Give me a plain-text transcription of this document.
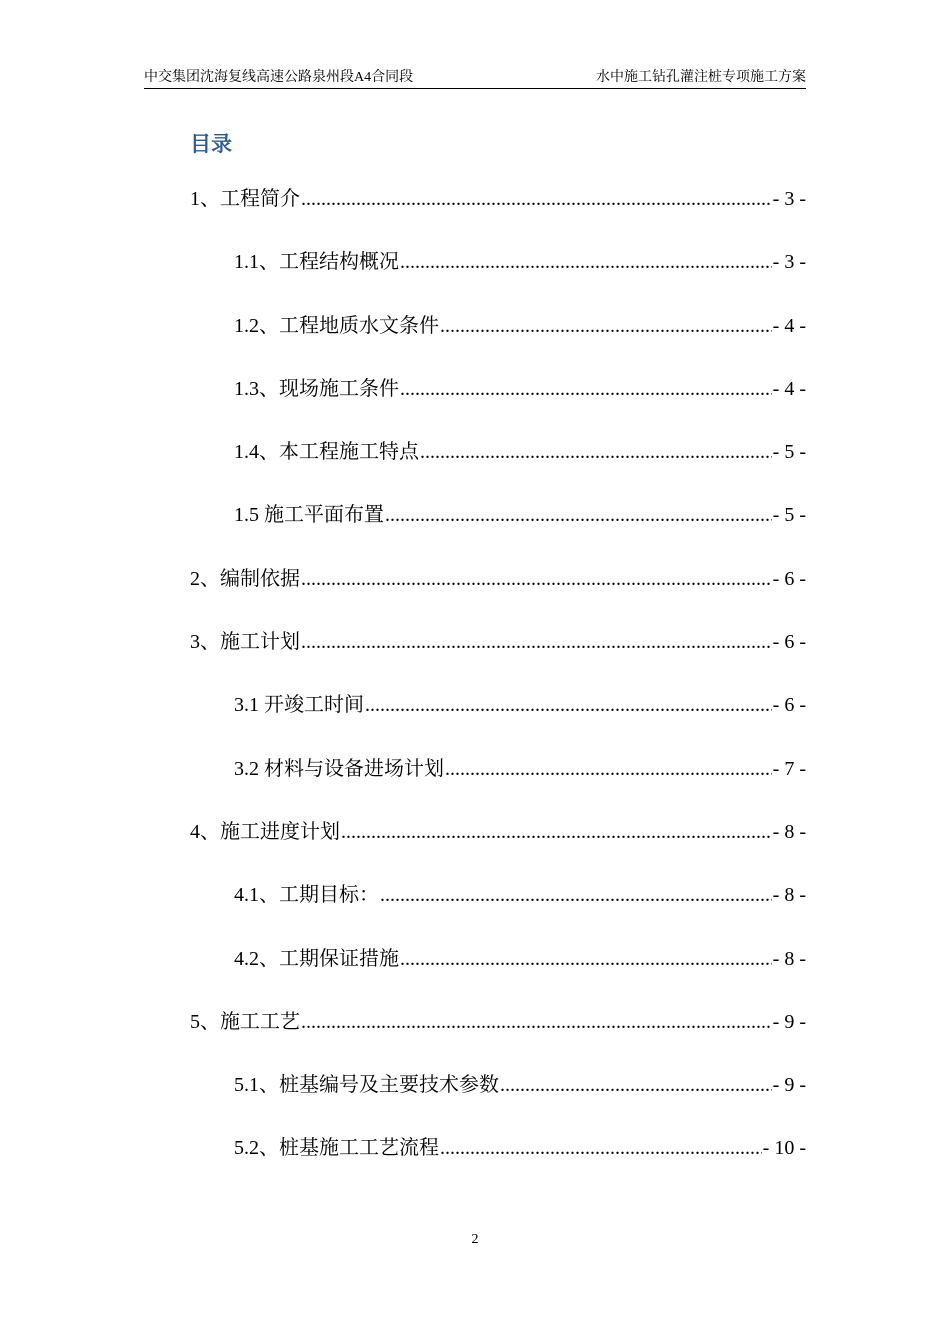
中交集团沈海复线高速公路泉州段A4合同段	水中施工钻孔灌注桩专项施工方案
目录
1、工程简介 .....	- 3 -
1.1、工程结构概况 .....	- 3 -
1.2、工程地质水文条件 .....	- 4 -
1.3、现场施工条件 .....	- 4 -
1.4、本工程施工特点 .....	- 5 -
1.5 施工平面布置 .....	- 5 -
2、编制依据 .....	- 6 -
3、施工计划 .....	- 6 -
3.1 开竣工时间 .....	- 6 -
3.2 材料与设备进场计划 .....	- 7 -
4、施工进度计划 .....	- 8 -
4.1、工期目标： .....	- 8 -
4.2、工期保证措施 .....	- 8 -
5、施工工艺 .....	- 9 -
5.1、桩基编号及主要技术参数 .....	- 9 -
5.2、桩基施工工艺流程 .....	- 10 -
2
